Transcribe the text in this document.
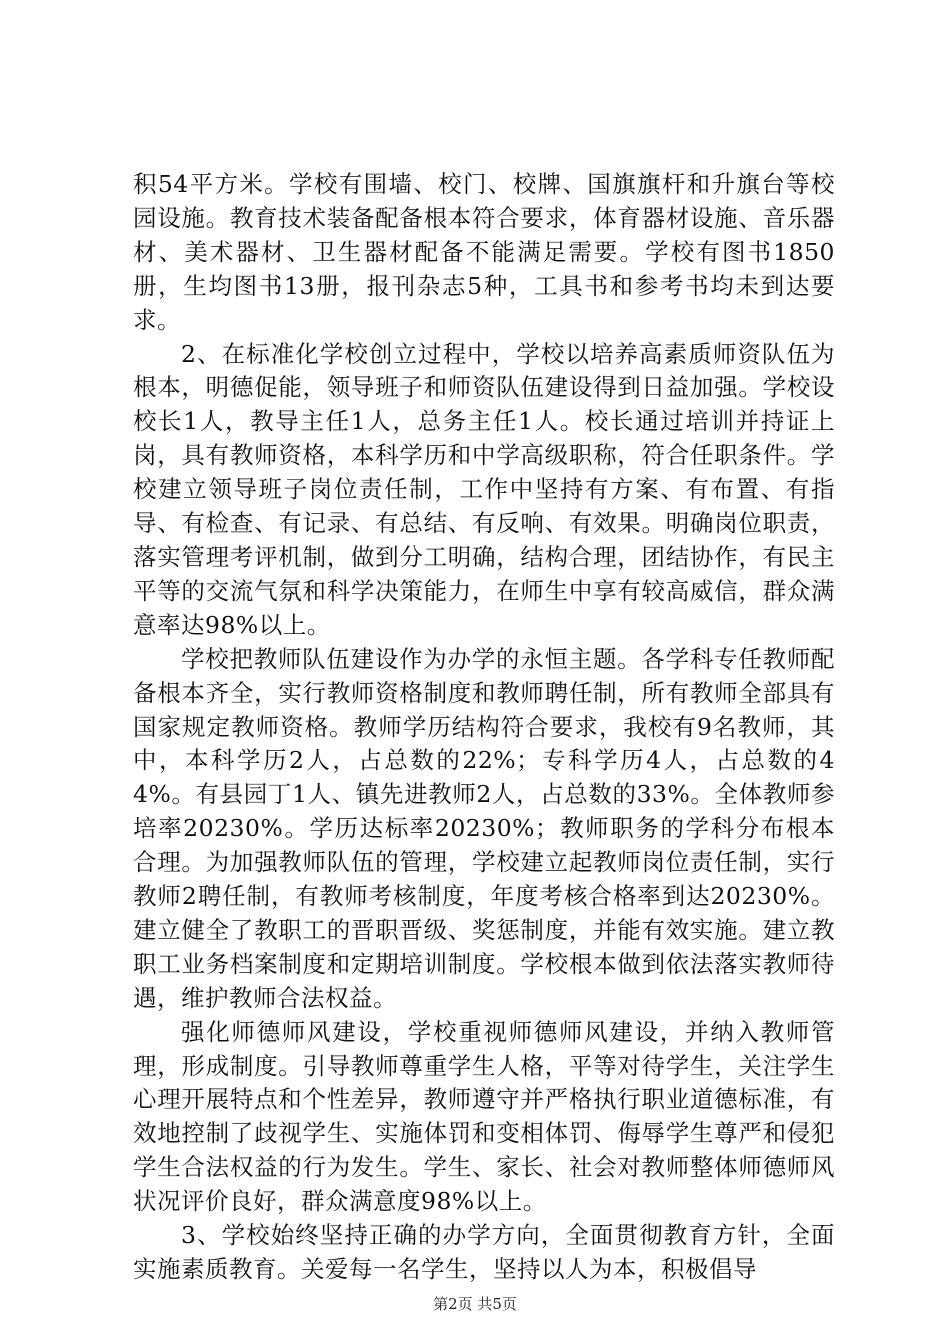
积54平方米。学校有围墙、校门、校牌、国旗旗杆和升旗台等校园设施。教育技术装备配备根本符合要求，体育器材设施、音乐器材、美术器材、卫生器材配备不能满足需要。学校有图书1850册，生均图书13册，报刊杂志5种，工具书和参考书均未到达要求。

2、在标准化学校创立过程中，学校以培养高素质师资队伍为根本，明德促能，领导班子和师资队伍建设得到日益加强。学校设校长1人，教导主任1人，总务主任1人。校长通过培训并持证上岗，具有教师资格，本科学历和中学高级职称，符合任职条件。学校建立领导班子岗位责任制，工作中坚持有方案、有布置、有指导、有检查、有记录、有总结、有反响、有效果。明确岗位职责，落实管理考评机制，做到分工明确，结构合理，团结协作，有民主平等的交流气氛和科学决策能力，在师生中享有较高威信，群众满意率达98%以上。

学校把教师队伍建设作为办学的永恒主题。各学科专任教师配备根本齐全，实行教师资格制度和教师聘任制，所有教师全部具有国家规定教师资格。教师学历结构符合要求，我校有9名教师，其中，本科学历2人，占总数的22%；专科学历4人，占总数的44%。有县园丁1人、镇先进教师2人，占总数的33%。全体教师参培率20230%。学历达标率20230%；教师职务的学科分布根本合理。为加强教师队伍的管理，学校建立起教师岗位责任制，实行教师2聘任制，有教师考核制度，年度考核合格率到达20230%。建立健全了教职工的晋职晋级、奖惩制度，并能有效实施。建立教职工业务档案制度和定期培训制度。学校根本做到依法落实教师待遇，维护教师合法权益。

强化师德师风建设，学校重视师德师风建设，并纳入教师管理，形成制度。引导教师尊重学生人格，平等对待学生，关注学生心理开展特点和个性差异，教师遵守并严格执行职业道德标准，有效地控制了歧视学生、实施体罚和变相体罚、侮辱学生尊严和侵犯学生合法权益的行为发生。学生、家长、社会对教师整体师德师风状况评价良好，群众满意度98%以上。

3、学校始终坚持正确的办学方向，全面贯彻教育方针，全面实施素质教育。关爱每一名学生，坚持以人为本，积极倡导

第2页 共5页
